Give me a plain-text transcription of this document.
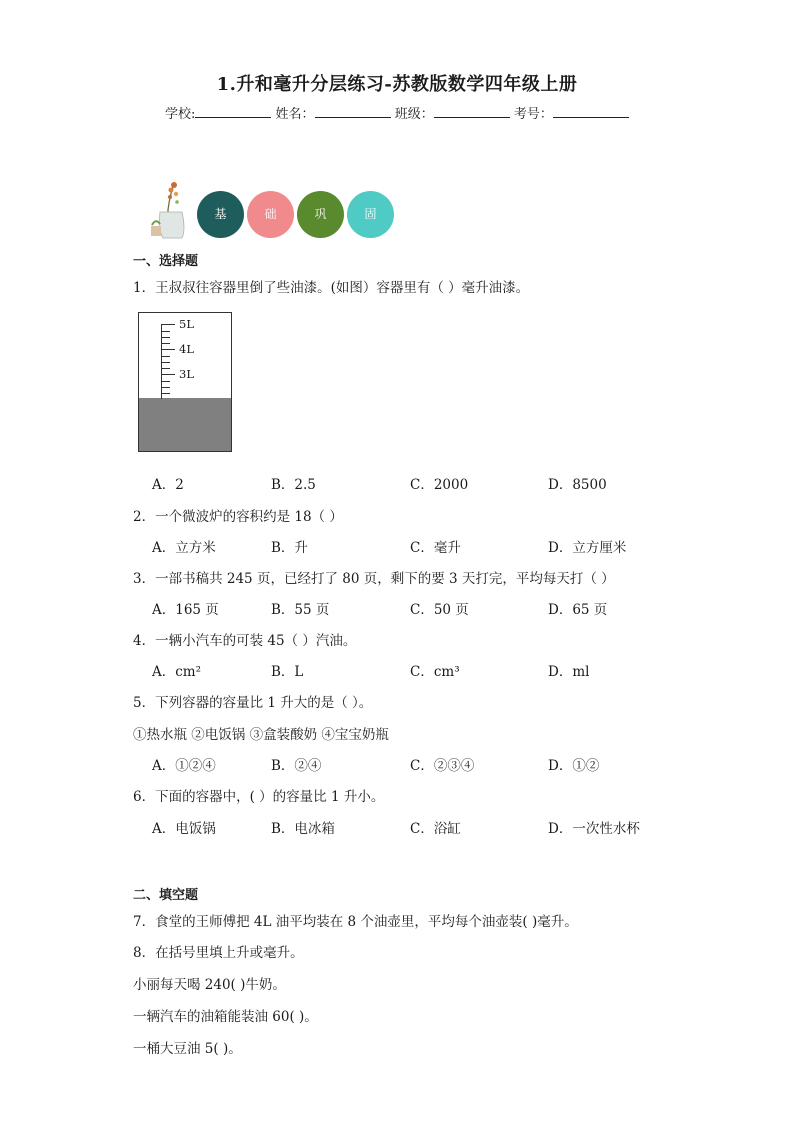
1.升和毫升分层练习-苏教版数学四年级上册
学校:	姓名：	班级：	考号：
基	础	巩	固
一、选择题
1．王叔叔往容器里倒了些油漆。(如图）容器里有（ ）毫升油漆。
5L
4L
3L
A．2	B．2.5	C．2000	D．8500
2．一个微波炉的容积约是 18（ ）
A．立方米	B．升	C．毫升	D．立方厘米
3．一部书稿共 245 页，已经打了 80 页，剩下的要 3 天打完，平均每天打（ ）
A．165 页	B．55 页	C．50 页	D．65 页
4．一辆小汽车的可装 45（ ）汽油。
A．cm²	B．L	C．cm³	D．ml
5．下列容器的容量比 1 升大的是（ ）。
①热水瓶 ②电饭锅 ③盒装酸奶 ④宝宝奶瓶
A．①②④	B．②④	C．②③④	D．①②
6．下面的容器中，( ）的容量比 1 升小。
A．电饭锅	B．电冰箱	C．浴缸	D．一次性水杯
二、填空题
7．食堂的王师傅把 4L 油平均装在 8 个油壶里，平均每个油壶装( )毫升。
8．在括号里填上升或毫升。
小丽每天喝 240( )牛奶。
一辆汽车的油箱能装油 60( )。
一桶大豆油 5( )。
